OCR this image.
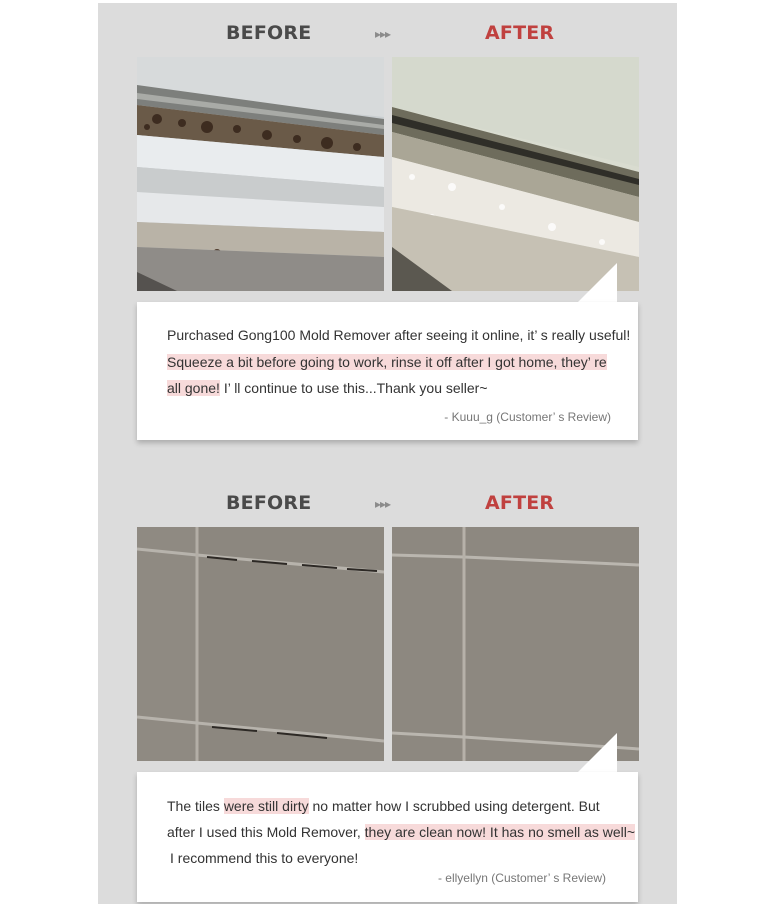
BEFORE	▸▸▸	AFTER
Purchased Gong100 Mold Remover after seeing it online, it’ s really useful!
Squeeze a bit before going to work, rinse it off after I got home, they’ re
all gone! I’ ll continue to use this...Thank you seller~
- Kuuu_g (Customer’ s Review)
BEFORE	▸▸▸	AFTER
The tiles were still dirty no matter how I scrubbed using detergent. But
after I used this Mold Remover, they are clean now! It has no smell as well~
I recommend this to everyone!
- ellyellyn (Customer’ s Review)
